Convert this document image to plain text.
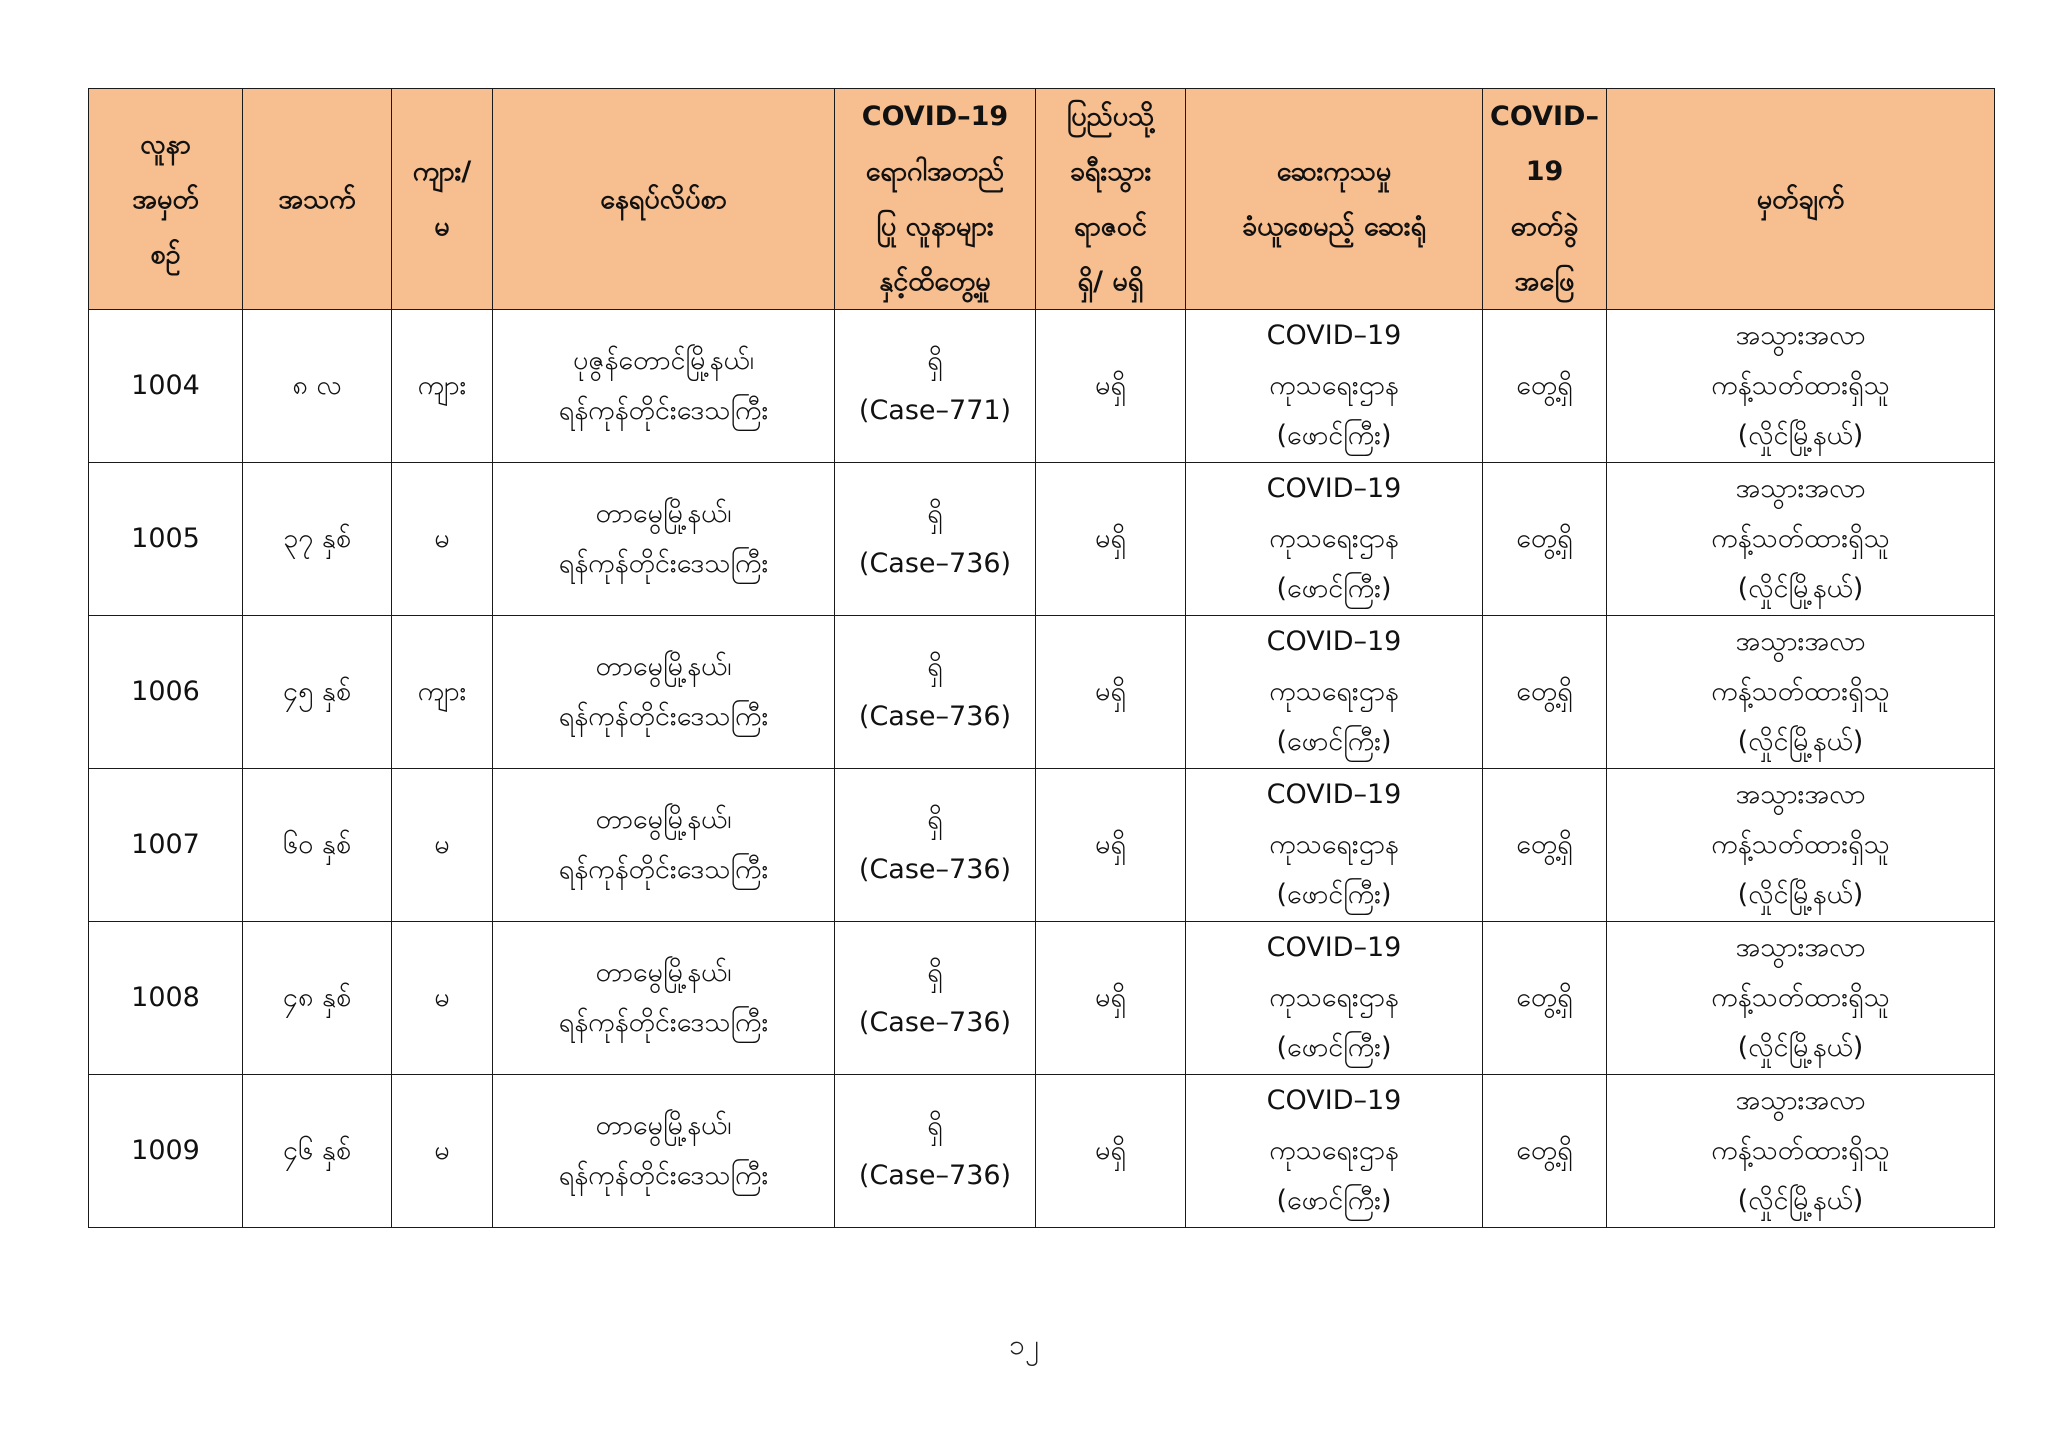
လူနာ
အမှတ်
စဉ်	အသက်	ကျား/
မ	နေရပ်လိပ်စာ	COVID–19
ရောဂါအတည်
ပြု လူနာများ
နှင့်ထိတွေ့မှု	ပြည်ပသို့
ခရီးသွား
ရာဇဝင်
ရှိ/ မရှိ	ဆေးကုသမှု
ခံယူစေမည့် ဆေးရုံ	COVID–
19
ဓာတ်ခွဲ
အဖြေ	မှတ်ချက်

1004	၈ လ	ကျား	ပုဇွန်တောင်မြို့နယ်၊
ရန်ကုန်တိုင်းဒေသကြီး	ရှိ
(Case–771)	မရှိ	COVID–19
ကုသရေးဌာန
(ဖောင်ကြီး)	တွေ့ရှိ	အသွားအလာ
ကန့်သတ်ထားရှိသူ
(လှိုင်မြို့နယ်)

1005	၃၇ နှစ်	မ	တာမွေမြို့နယ်၊
ရန်ကုန်တိုင်းဒေသကြီး	ရှိ
(Case–736)	မရှိ	COVID–19
ကုသရေးဌာန
(ဖောင်ကြီး)	တွေ့ရှိ	အသွားအလာ
ကန့်သတ်ထားရှိသူ
(လှိုင်မြို့နယ်)

1006	၄၅ နှစ်	ကျား	တာမွေမြို့နယ်၊
ရန်ကုန်တိုင်းဒေသကြီး	ရှိ
(Case–736)	မရှိ	COVID–19
ကုသရေးဌာန
(ဖောင်ကြီး)	တွေ့ရှိ	အသွားအလာ
ကန့်သတ်ထားရှိသူ
(လှိုင်မြို့နယ်)

1007	၆၀ နှစ်	မ	တာမွေမြို့နယ်၊
ရန်ကုန်တိုင်းဒေသကြီး	ရှိ
(Case–736)	မရှိ	COVID–19
ကုသရေးဌာန
(ဖောင်ကြီး)	တွေ့ရှိ	အသွားအလာ
ကန့်သတ်ထားရှိသူ
(လှိုင်မြို့နယ်)

1008	၄၈ နှစ်	မ	တာမွေမြို့နယ်၊
ရန်ကုန်တိုင်းဒေသကြီး	ရှိ
(Case–736)	မရှိ	COVID–19
ကုသရေးဌာန
(ဖောင်ကြီး)	တွေ့ရှိ	အသွားအလာ
ကန့်သတ်ထားရှိသူ
(လှိုင်မြို့နယ်)

1009	၄၆ နှစ်	မ	တာမွေမြို့နယ်၊
ရန်ကုန်တိုင်းဒေသကြီး	ရှိ
(Case–736)	မရှိ	COVID–19
ကုသရေးဌာန
(ဖောင်ကြီး)	တွေ့ရှိ	အသွားအလာ
ကန့်သတ်ထားရှိသူ
(လှိုင်မြို့နယ်)
၁၂
